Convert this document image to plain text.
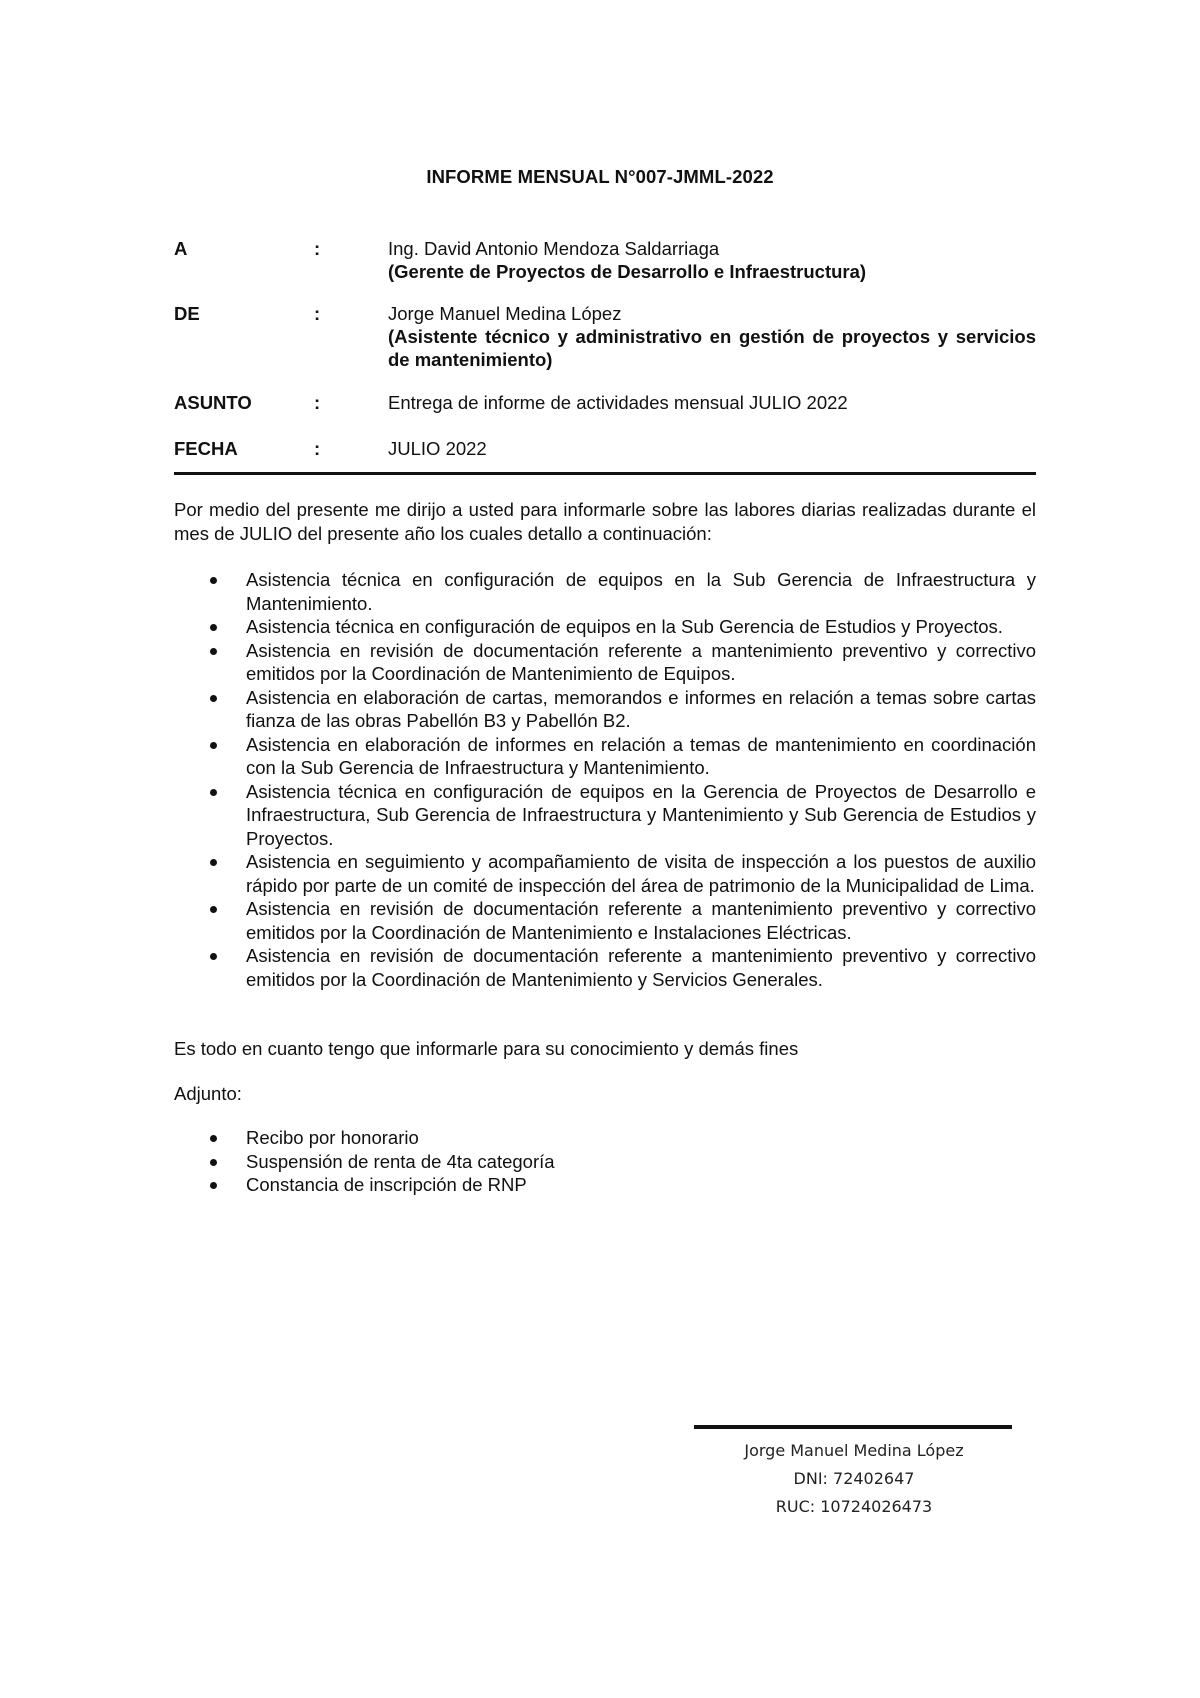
INFORME MENSUAL N°007-JMML-2022
A	:	Ing. David Antonio Mendoza Saldarriaga
(Gerente de Proyectos de Desarrollo e Infraestructura)
DE	:	Jorge Manuel Medina López
(Asistente técnico y administrativo en gestión de proyectos y servicios de mantenimiento)
ASUNTO	:	Entrega de informe de actividades mensual JULIO 2022
FECHA	:	JULIO 2022

Por medio del presente me dirijo a usted para informarle sobre las labores diarias realizadas durante el mes de JULIO del presente año los cuales detallo a continuación:

Asistencia técnica en configuración de equipos en la Sub Gerencia de Infraestructura y Mantenimiento.
Asistencia técnica en configuración de equipos en la Sub Gerencia de Estudios y Proyectos.
Asistencia en revisión de documentación referente a mantenimiento preventivo y correctivo emitidos por la Coordinación de Mantenimiento de Equipos.
Asistencia en elaboración de cartas, memorandos e informes en relación a temas sobre cartas fianza de las obras Pabellón B3 y Pabellón B2.
Asistencia en elaboración de informes en relación a temas de mantenimiento en coordinación con la Sub Gerencia de Infraestructura y Mantenimiento.
Asistencia técnica en configuración de equipos en la Gerencia de Proyectos de Desarrollo e Infraestructura, Sub Gerencia de Infraestructura y Mantenimiento y Sub Gerencia de Estudios y Proyectos.
Asistencia en seguimiento y acompañamiento de visita de inspección a los puestos de auxilio rápido por parte de un comité de inspección del área de patrimonio de la Municipalidad de Lima.
Asistencia en revisión de documentación referente a mantenimiento preventivo y correctivo emitidos por la Coordinación de Mantenimiento e Instalaciones Eléctricas.
Asistencia en revisión de documentación referente a mantenimiento preventivo y correctivo emitidos por la Coordinación de Mantenimiento y Servicios Generales.

Es todo en cuanto tengo que informarle para su conocimiento y demás fines

Adjunto:

Recibo por honorario
Suspensión de renta de 4ta categoría
Constancia de inscripción de RNP
Jorge Manuel Medina López
DNI: 72402647
RUC: 10724026473
